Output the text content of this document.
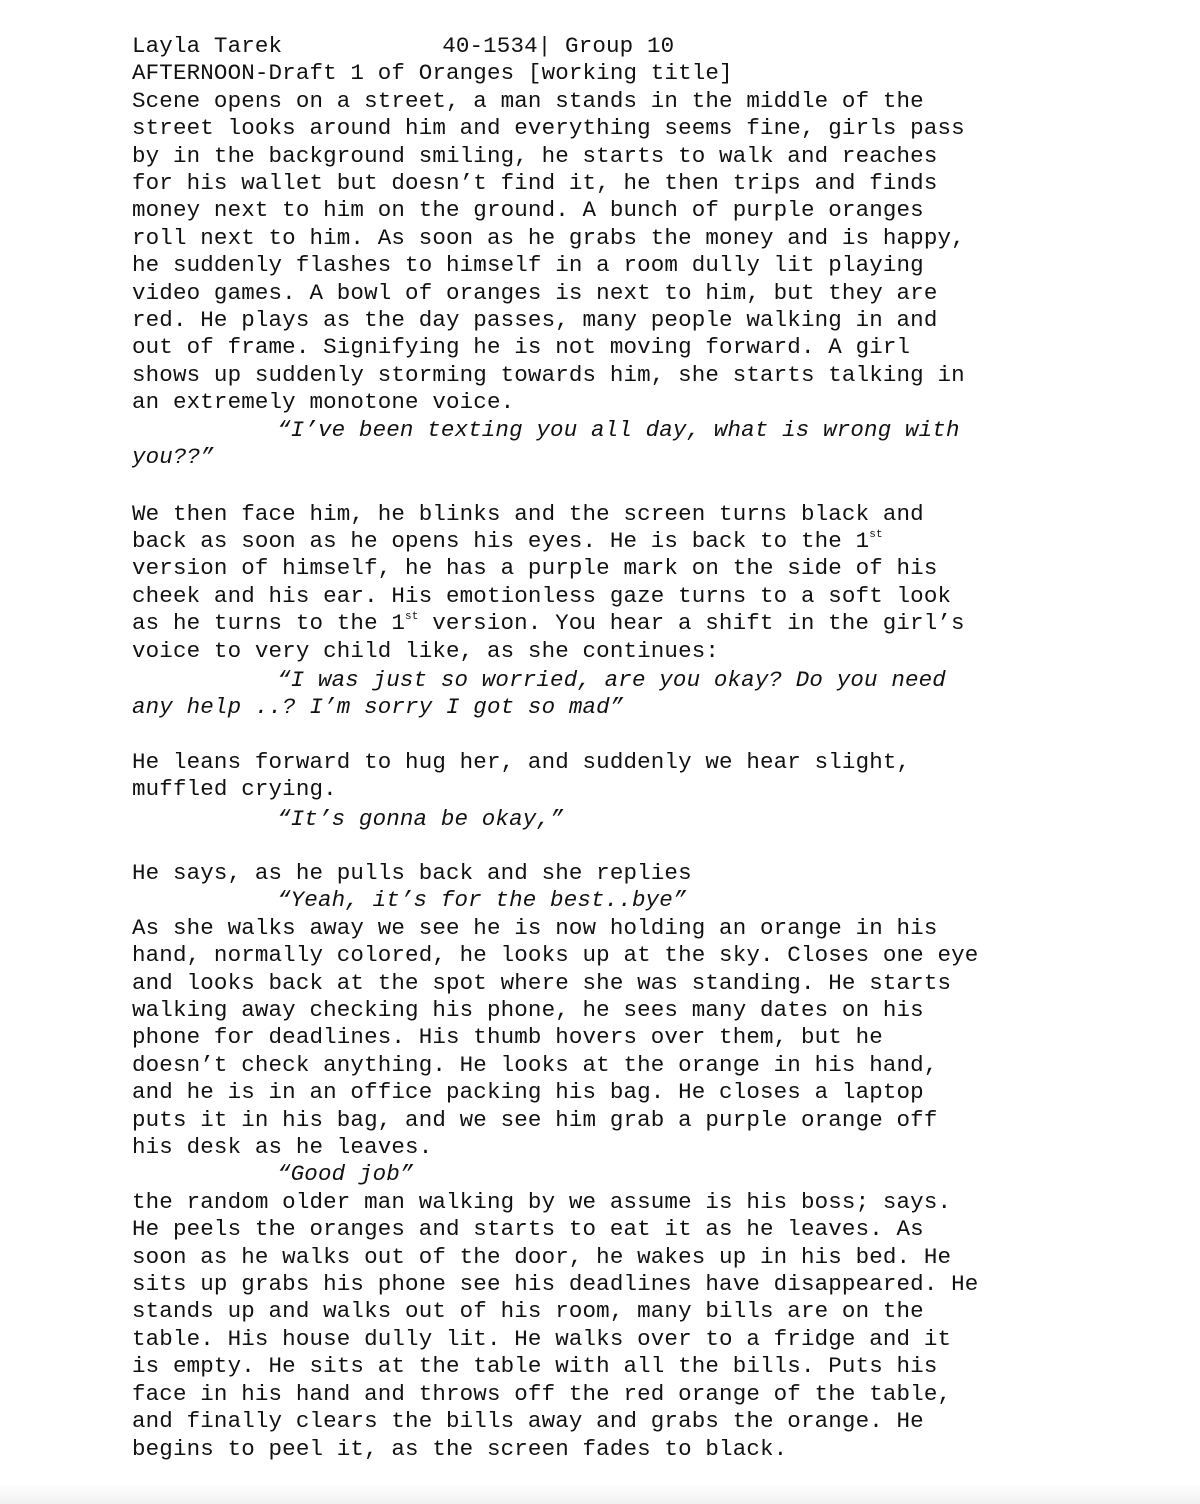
Layla Tarek	40-1534| Group 10
AFTERNOON-Draft 1 of Oranges [working title]

Scene opens on a street, a man stands in the middle of the
street looks around him and everything seems fine, girls pass
by in the background smiling, he starts to walk and reaches
for his wallet but doesn’t find it, he then trips and finds
money next to him on the ground. A bunch of purple oranges
roll next to him. As soon as he grabs the money and is happy,
he suddenly flashes to himself in a room dully lit playing
video games. A bowl of oranges is next to him, but they are
red. He plays as the day passes, many people walking in and
out of frame. Signifying he is not moving forward. A girl
shows up suddenly storming towards him, she starts talking in
an extremely monotone voice.

“I’ve been texting you all day, what is wrong with

you??”

We then face him, he blinks and the screen turns black and
back as soon as he opens his eyes. He is back to the 1st
version of himself, he has a purple mark on the side of his
cheek and his ear. His emotionless gaze turns to a soft look
as he turns to the 1st version. You hear a shift in the girl’s
voice to very child like, as she continues:

“I was just so worried, are you okay? Do you need

any help ..? I’m sorry I got so mad”

He leans forward to hug her, and suddenly we hear slight,
muffled crying.

“It’s gonna be okay,”

He says, as he pulls back and she replies

“Yeah, it’s for the best..bye”

As she walks away we see he is now holding an orange in his
hand, normally colored, he looks up at the sky. Closes one eye
and looks back at the spot where she was standing. He starts
walking away checking his phone, he sees many dates on his
phone for deadlines. His thumb hovers over them, but he
doesn’t check anything. He looks at the orange in his hand,
and he is in an office packing his bag. He closes a laptop
puts it in his bag, and we see him grab a purple orange off
his desk as he leaves.

“Good job”

the random older man walking by we assume is his boss; says.
He peels the oranges and starts to eat it as he leaves. As
soon as he walks out of the door, he wakes up in his bed. He
sits up grabs his phone see his deadlines have disappeared. He
stands up and walks out of his room, many bills are on the
table. His house dully lit. He walks over to a fridge and it
is empty. He sits at the table with all the bills. Puts his
face in his hand and throws off the red orange of the table,
and finally clears the bills away and grabs the orange. He
begins to peel it, as the screen fades to black.
